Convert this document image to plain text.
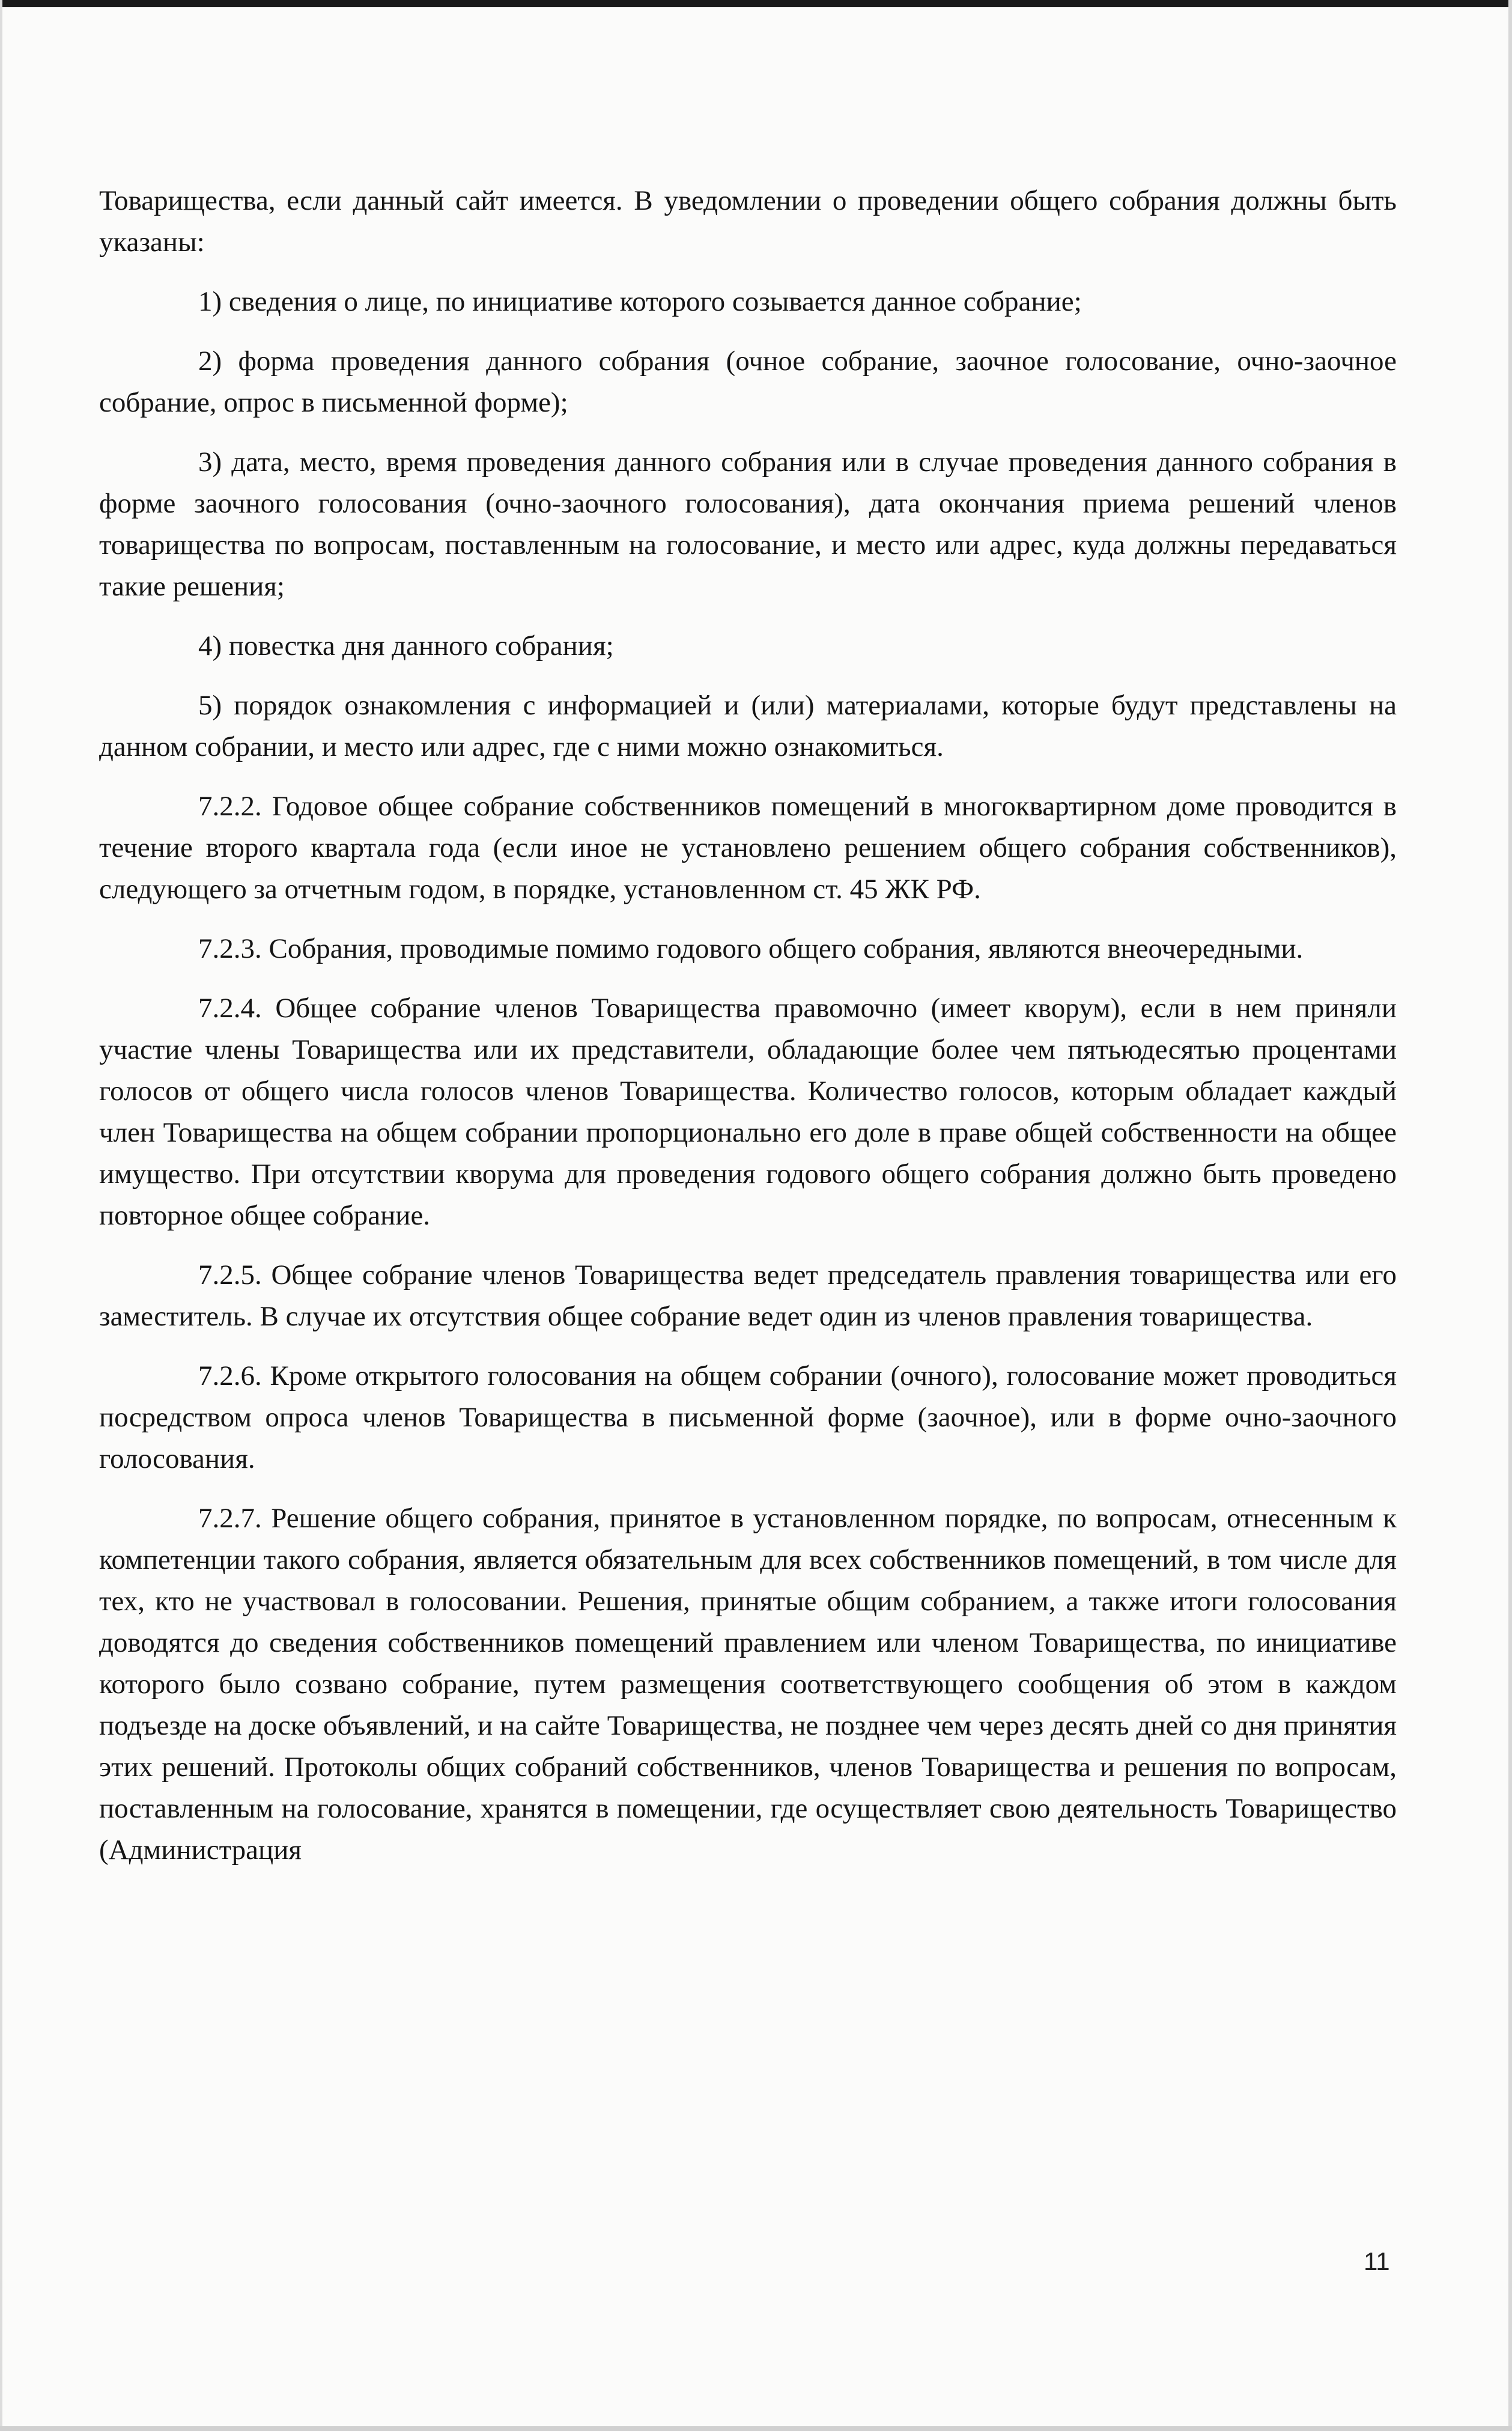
Товарищества, если данный сайт имеется. В уведомлении о проведении общего собрания должны быть указаны:

1) сведения о лице, по инициативе которого созывается данное собрание;

2) форма проведения данного собрания (очное собрание, заочное голосование, очно-заочное собрание, опрос в письменной форме);

3) дата, место, время проведения данного собрания или в случае проведения данного собрания в форме заочного голосования (очно-заочного голосования), дата окончания приема решений членов товарищества по вопросам, поставленным на голосование, и место или адрес, куда должны передаваться такие решения;

4) повестка дня данного собрания;

5) порядок ознакомления с информацией и (или) материалами, которые будут представлены на данном собрании, и место или адрес, где с ними можно ознакомиться.

7.2.2. Годовое общее собрание собственников помещений в многоквартирном доме проводится в течение второго квартала года (если иное не установлено решением общего собрания собственников), следующего за отчетным годом, в порядке, установленном ст. 45 ЖК РФ.

7.2.3. Собрания, проводимые помимо годового общего собрания, являются внеочередными.

7.2.4. Общее собрание членов Товарищества правомочно (имеет кворум), если в нем приняли участие члены Товарищества или их представители, обладающие более чем пятьюдесятью процентами голосов от общего числа голосов членов Товарищества. Количество голосов, которым обладает каждый член Товарищества на общем собрании пропорционально его доле в праве общей собственности на общее имущество. При отсутствии кворума для проведения годового общего собрания должно быть проведено повторное общее собрание.

7.2.5. Общее собрание членов Товарищества ведет председатель правления товарищества или его заместитель. В случае их отсутствия общее собрание ведет один из членов правления товарищества.

7.2.6. Кроме открытого голосования на общем собрании (очного), голосование может проводиться посредством опроса членов Товарищества в письменной форме (заочное), или в форме очно-заочного голосования.

7.2.7. Решение общего собрания, принятое в установленном порядке, по вопросам, отнесенным к компетенции такого собрания, является обязательным для всех собственников помещений, в том числе для тех, кто не участвовал в голосовании. Решения, принятые общим собранием, а также итоги голосования доводятся до сведения собственников помещений правлением или членом Товарищества, по инициативе которого было созвано собрание, путем размещения соответствующего сообщения об этом в каждом подъезде на доске объявлений, и на сайте Товарищества, не позднее чем через десять дней со дня принятия этих решений. Протоколы общих собраний собственников, членов Товарищества и решения по вопросам, поставленным на голосование, хранятся в помещении, где осуществляет свою деятельность Товарищество (Администрация

11
